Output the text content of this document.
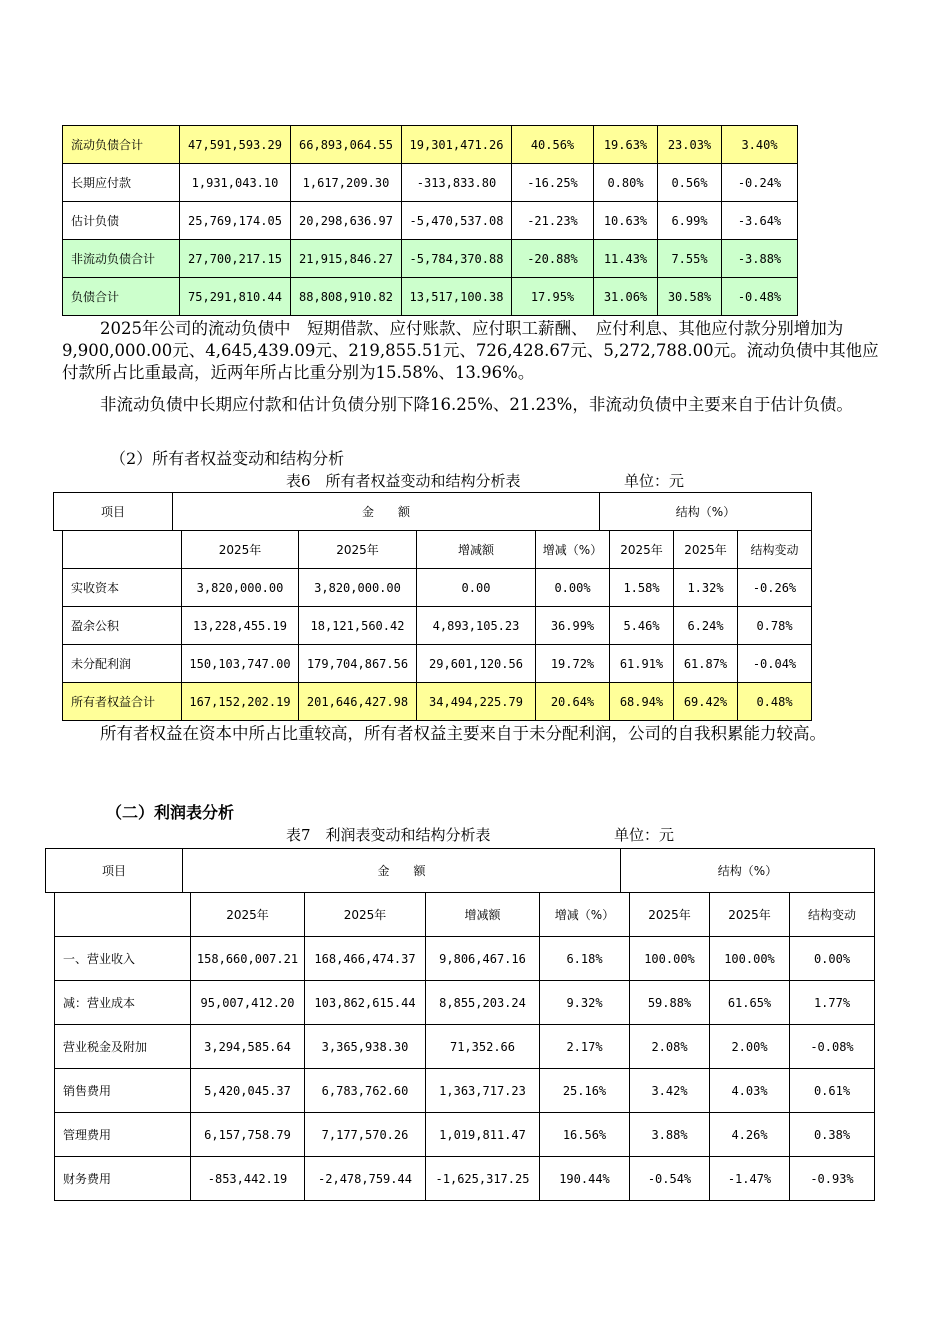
流动负债合计	47,591,593.29	66,893,064.55	19,301,471.26	40.56%	19.63%	23.03%	3.40%
长期应付款	1,931,043.10	1,617,209.30	-313,833.80	-16.25%	0.80%	0.56%	-0.24%
估计负债	25,769,174.05	20,298,636.97	-5,470,537.08	-21.23%	10.63%	6.99%	-3.64%
非流动负债合计	27,700,217.15	21,915,846.27	-5,784,370.88	-20.88%	11.43%	7.55%	-3.88%
负债合计	75,291,810.44	88,808,910.82	13,517,100.38	17.95%	31.06%	30.58%	-0.48%
2025年公司的流动负债中　短期借款、应付账款、应付职工薪酬、　应付利息、其他应付款分别增加为9,900,000.00元、4,645,439.09元、219,855.51元、726,428.67元、5,272,788.00元。流动负债中其他应付款所占比重最高，近两年所占比重分别为15.58%、13.96%。
非流动负债中长期应付款和估计负债分别下降16.25%、21.23%，非流动负债中主要来自于估计负债。
（2）所有者权益变动和结构分析
表6　所有者权益变动和结构分析表	单位：元
项目	金　　额	结构（%）
	2025年	2025年	增减额	增减（%）	2025年	2025年	结构变动
实收资本	3,820,000.00	3,820,000.00	0.00	0.00%	1.58%	1.32%	-0.26%
盈余公积	13,228,455.19	18,121,560.42	4,893,105.23	36.99%	5.46%	6.24%	0.78%
未分配利润	150,103,747.00	179,704,867.56	29,601,120.56	19.72%	61.91%	61.87%	-0.04%
所有者权益合计	167,152,202.19	201,646,427.98	34,494,225.79	20.64%	68.94%	69.42%	0.48%
所有者权益在资本中所占比重较高，所有者权益主要来自于未分配利润，公司的自我积累能力较高。
（二）利润表分析
表7　利润表变动和结构分析表	单位：元
项目	金　　额	结构（%）
	2025年	2025年	增减额	增减（%）	2025年	2025年	结构变动
一、营业收入	158,660,007.21	168,466,474.37	9,806,467.16	6.18%	100.00%	100.00%	0.00%
减：营业成本	95,007,412.20	103,862,615.44	8,855,203.24	9.32%	59.88%	61.65%	1.77%
营业税金及附加	3,294,585.64	3,365,938.30	71,352.66	2.17%	2.08%	2.00%	-0.08%
销售费用	5,420,045.37	6,783,762.60	1,363,717.23	25.16%	3.42%	4.03%	0.61%
管理费用	6,157,758.79	7,177,570.26	1,019,811.47	16.56%	3.88%	4.26%	0.38%
财务费用	-853,442.19	-2,478,759.44	-1,625,317.25	190.44%	-0.54%	-1.47%	-0.93%
